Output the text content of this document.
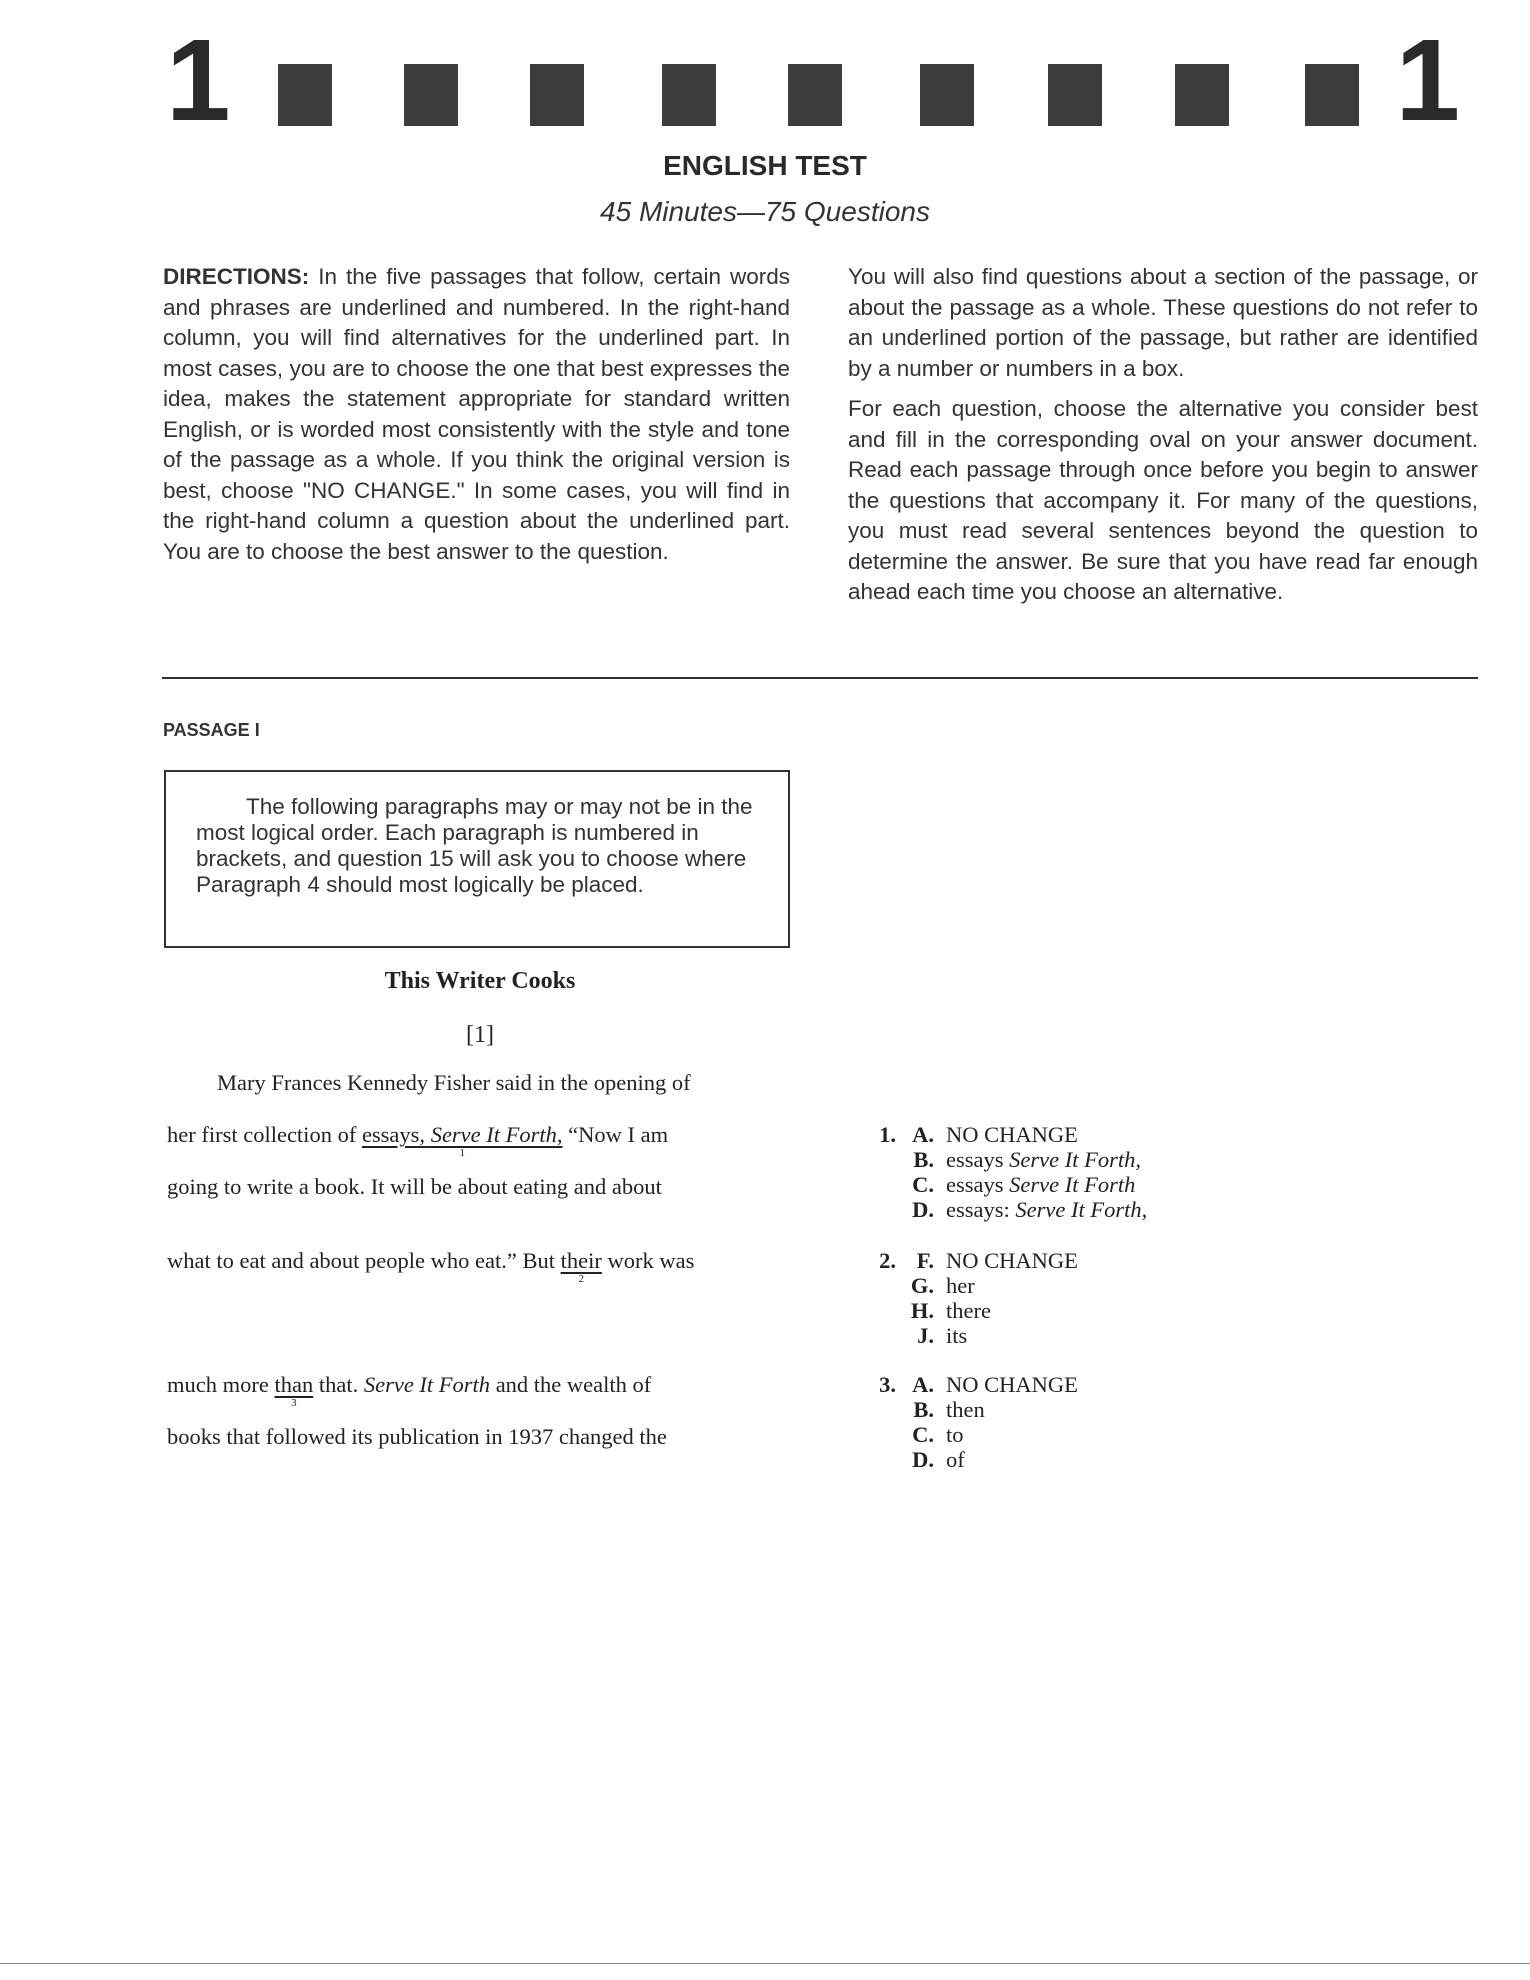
1	1
ENGLISH TEST
45 Minutes—75 Questions

DIRECTIONS: In the five passages that follow, certain words and phrases are underlined and numbered. In the right-hand column, you will find alternatives for the underlined part. In most cases, you are to choose the one that best expresses the idea, makes the statement appropriate for standard written English, or is worded most consistently with the style and tone of the passage as a whole. If you think the original version is best, choose "NO CHANGE." In some cases, you will find in the right-hand column a question about the underlined part. You are to choose the best answer to the question.

You will also find questions about a section of the passage, or about the passage as a whole. These questions do not refer to an underlined portion of the passage, but rather are identified by a number or numbers in a box.

For each question, choose the alternative you consider best and fill in the corresponding oval on your answer document. Read each passage through once before you begin to answer the questions that accompany it. For many of the questions, you must read several sentences beyond the question to determine the answer. Be sure that you have read far enough ahead each time you choose an alternative.

PASSAGE I
The following paragraphs may or may not be in the most logical order. Each paragraph is numbered in brackets, and question 15 will ask you to choose where Paragraph 4 should most logically be placed.
This Writer Cooks
[1]
Mary Frances Kennedy Fisher said in the opening of
her first collection of essays, Serve It Forth,
1
“Now I am
going to write a book. It will be about eating and about
what to eat and about people who eat.” But their
2
work was
much more than
3
that. Serve It Forth and the wealth of
books that followed its publication in 1937 changed the
1. A. NO CHANGE
B. essays Serve It Forth,
C. essays Serve It Forth
D. essays: Serve It Forth,
2. F. NO CHANGE
G. her
H. there
J. its
3. A. NO CHANGE
B. then
C. to
D. of
